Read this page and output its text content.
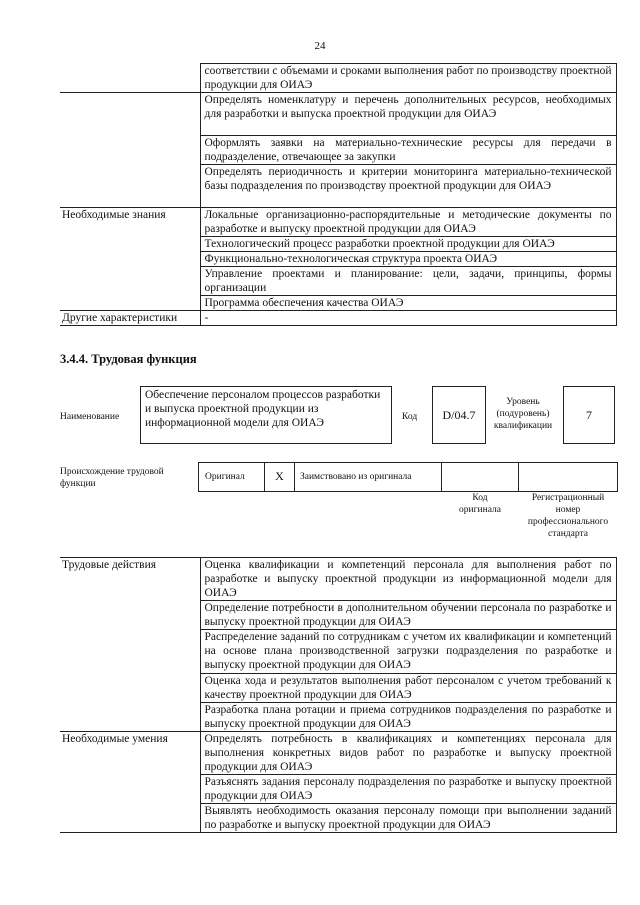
24
	соответствии с объемами и сроками выполнения работ по производству проектной продукции для ОИАЭ
	Определять номенклатуру и перечень дополнительных ресурсов, необходимых для разработки и выпуска проектной продукции для ОИАЭ
	Оформлять заявки на материально-технические ресурсы для передачи в подразделение, отвечающее за закупки
	Определять периодичность и критерии мониторинга материально-технической базы подразделения по производству проектной продукции для ОИАЭ
Необходимые знания	Локальные организационно-распорядительные и методические документы по разработке и выпуску проектной продукции для ОИАЭ
	Технологический процесс разработки проектной продукции для ОИАЭ
	Функционально-технологическая структура проекта ОИАЭ
	Управление проектами и планирование: цели, задачи, принципы, формы организации
	Программа обеспечения качества ОИАЭ
Другие характеристики	-
3.4.4. Трудовая функция
Наименование
Обеспечение персоналом процессов разработки и выпуска проектной продукции из информационной модели для ОИАЭ	Код	D/04.7
Уровень (подуровень) квалификации
7
Происхождение трудовой функции
Оригинал	X	Заимствовано из оригинала
Код оригинала
Регистрационный номер профессионального стандарта
Трудовые действия	Оценка квалификации и компетенций персонала для выполнения работ по разработке и выпуску проектной продукции из информационной модели для ОИАЭ
	Определение потребности в дополнительном обучении персонала по разработке и выпуску проектной продукции для ОИАЭ
	Распределение заданий по сотрудникам с учетом их квалификации и компетенций на основе плана производственной загрузки подразделения по разработке и выпуску проектной продукции для ОИАЭ
	Оценка хода и результатов выполнения работ персоналом с учетом требований к качеству проектной продукции для ОИАЭ
	Разработка плана ротации и приема сотрудников подразделения по разработке и выпуску проектной продукции для ОИАЭ
Необходимые умения	Определять потребность в квалификациях и компетенциях персонала для выполнения конкретных видов работ по разработке и выпуску проектной продукции для ОИАЭ
	Разъяснять задания персоналу подразделения по разработке и выпуску проектной продукции для ОИАЭ
	Выявлять необходимость оказания персоналу помощи при выполнении заданий по разработке и выпуску проектной продукции для ОИАЭ
